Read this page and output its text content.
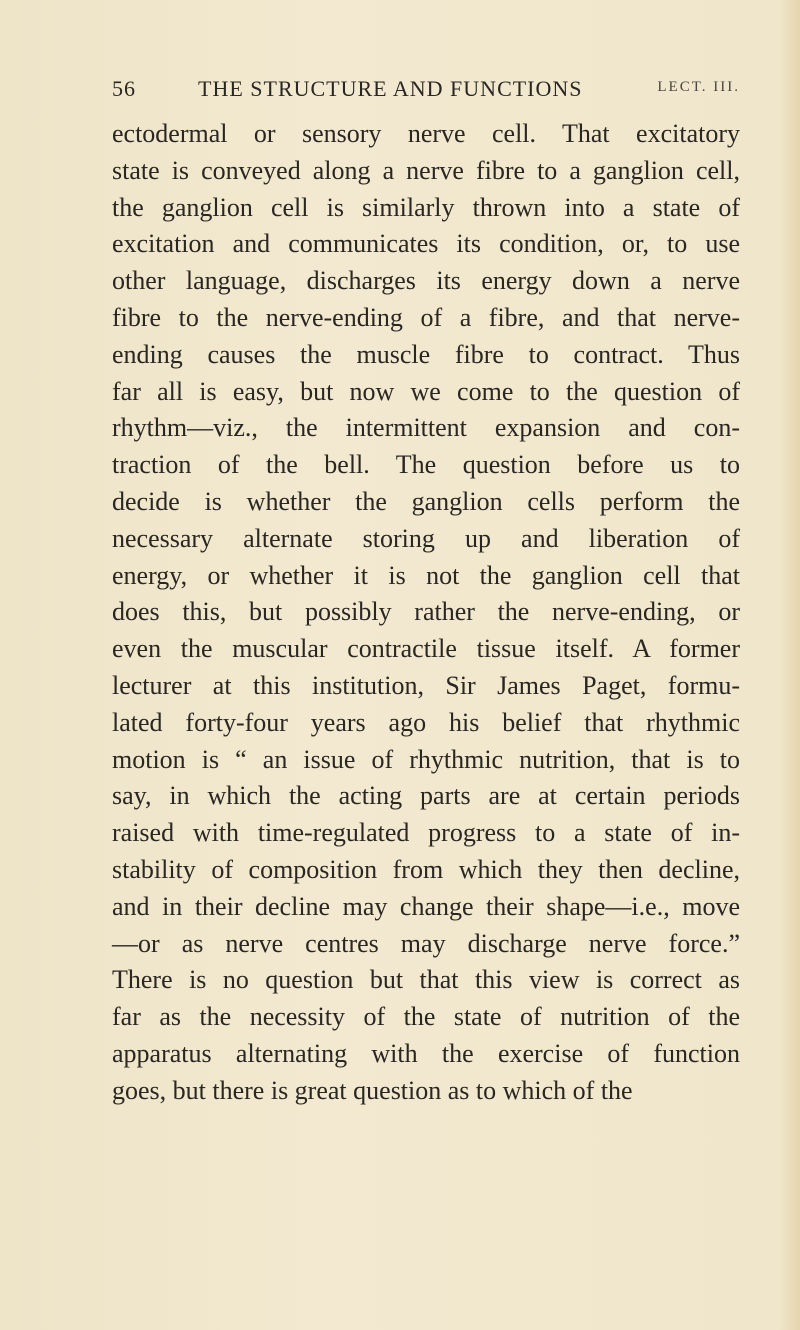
56	THE STRUCTURE AND FUNCTIONS	LECT. III.
ectodermal or sensory nerve cell. That excitatory
state is conveyed along a nerve fibre to a ganglion cell,
the ganglion cell is similarly thrown into a state of
excitation and communicates its condition, or, to use
other language, discharges its energy down a nerve
fibre to the nerve-ending of a fibre, and that nerve-
ending causes the muscle fibre to contract. Thus
far all is easy, but now we come to the question of
rhythm—viz., the intermittent expansion and con-
traction of the bell. The question before us to
decide is whether the ganglion cells perform the
necessary alternate storing up and liberation of
energy, or whether it is not the ganglion cell that
does this, but possibly rather the nerve-ending, or
even the muscular contractile tissue itself. A former
lecturer at this institution, Sir James Paget, formu-
lated forty-four years ago his belief that rhythmic
motion is “ an issue of rhythmic nutrition, that is to
say, in which the acting parts are at certain periods
raised with time-regulated progress to a state of in-
stability of composition from which they then decline,
and in their decline may change their shape—i.e., move
—or as nerve centres may discharge nerve force.”
There is no question but that this view is correct as
far as the necessity of the state of nutrition of the
apparatus alternating with the exercise of function
goes, but there is great question as to which of the
